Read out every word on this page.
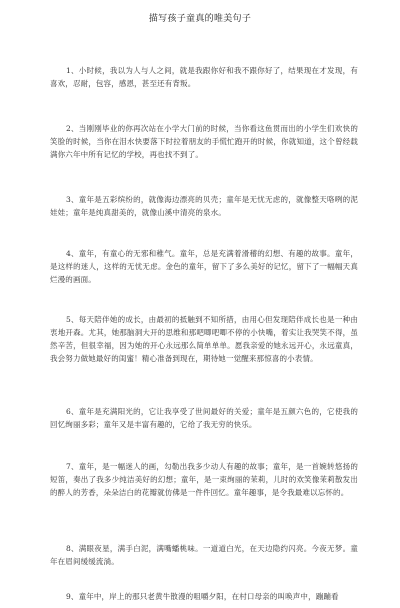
描写孩子童真的唯美句子

1、小时候，我以为人与人之间，就是我跟你好和我不跟你好了，结果现在才发现，有喜欢，忍耐，包容，感恩，甚至还有背叛。

2、当刚刚毕业的你再次站在小学大门前的时候，当你看这鱼贯而出的小学生们欢快的笑脸的时候，当你在泪水快要落下时拉着朋友的手慌忙跑开的时候，你就知道，这个曾经载满你六年中所有记忆的学校，再也找不到了。

3、童年是五彩缤纷的，就像海边漂亮的贝壳；童年是无忧无虑的，就像整天咯咧的泥娃娃；童年是纯真甜美的，就像山溪中清亮的泉水。

4、童年，有童心的无邪和稚气。童年，总是充满着滑稽的幻想、有趣的故事。童年，是这样的迷人，这样的无忧无虑。金色的童年，留下了多么美好的记忆，留下了一幅幅天真烂漫的画面。

5、每天陪伴她的成长，由最初的抵触到不知所措，由用心但发现陪伴成长也是一种由衷地开森。尤其，她那脑洞大开的思维和那吧唧吧唧不停的小快嘴，着实让我哭笑不得，虽然辛苦，但很幸福，因为她的开心永远那么简单单单。愿我亲爱的她永远开心，永远童真，我会努力做她最好的闺蜜！精心准备到现在，期待她一觉醒来那惊喜的小表情。

6、童年是充满阳光的，它让我享受了世间最好的关爱；童年是五颜六色的，它使我的回忆绚丽多彩；童年又是丰富有趣的，它给了我无穷的快乐。

7、童年，是一幅迷人的画，勾勒出我多少动人有趣的故事；童年，是一首婉转悠扬的短笛，奏出了我多少纯洁美好的幻想；童年，是一束绚丽的茉莉，儿时的欢笑像茉莉散发出的醉人的芳香，朵朵洁白的花瓣就仿佛是一件件回忆。童年趣事，是令我最难以忘怀的。

8、满眼夜星，满手白泥，满嘴蟠桃味。一道道白光，在天边隐约闪亮。今夜无梦。童年在眉间缓缓流淌。

9、童年中，岸上的那只老黄牛散漫的咀嚼夕阳，在村口母亲的叫唤声中，蹦蹦看
